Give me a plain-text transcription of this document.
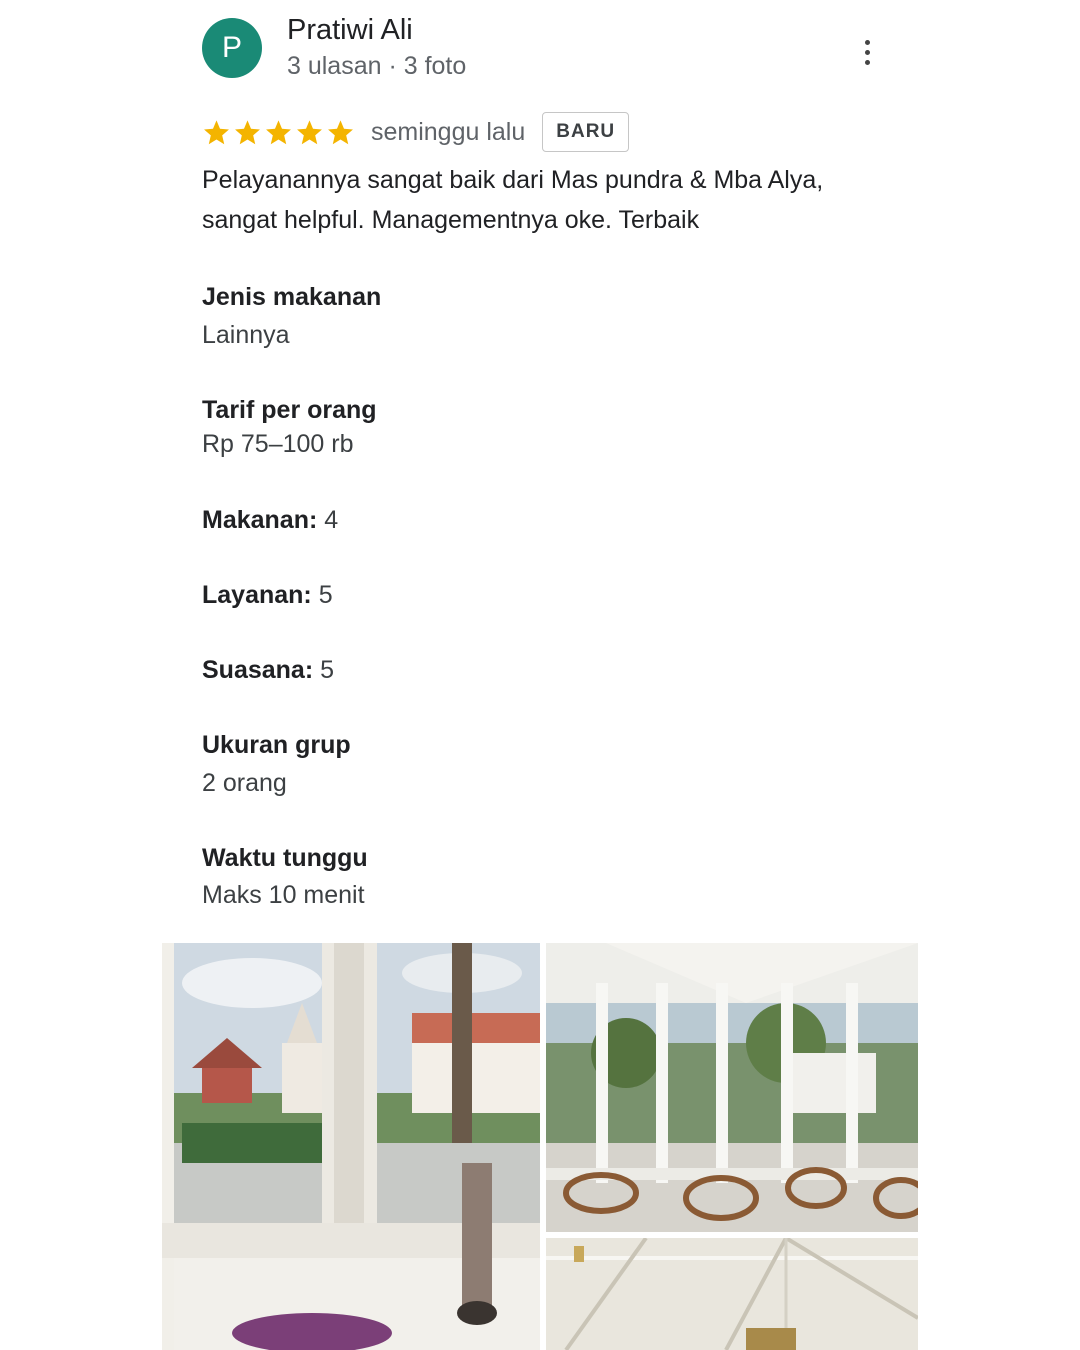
P
Pratiwi Ali
3 ulasan · 3 foto
seminggu lalu	BARU
Pelayanannya sangat baik dari Mas pundra & Mba Alya, sangat helpful. Managementnya oke. Terbaik
Jenis makanan
Lainnya
Tarif per orang
Rp 75–100 rb
Makanan: 4
Layanan: 5
Suasana: 5
Ukuran grup
2 orang
Waktu tunggu
Maks 10 menit
